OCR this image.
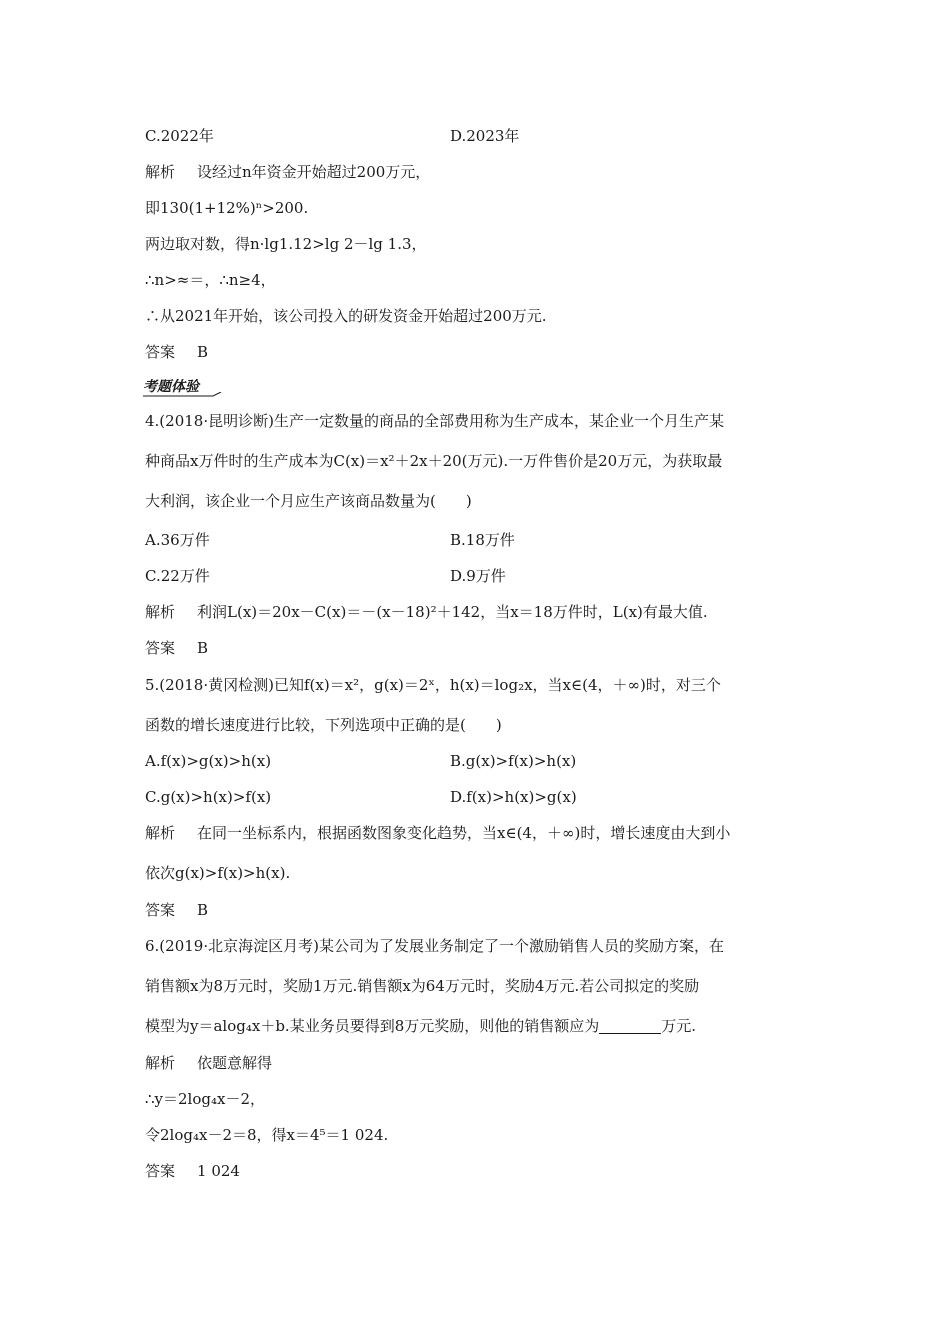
C.2022年	D.2023年
解析 设经过n年资金开始超过200万元，
即130(1+12%)ⁿ>200.
两边取对数，得n·lg1.12>lg 2－lg 1.3，
∴n>≈＝，∴n≥4，
∴从2021年开始，该公司投入的研发资金开始超过200万元.
答案 B
考题体验
4.(2018·昆明诊断)生产一定数量的商品的全部费用称为生产成本，某企业一个月生产某
种商品x万件时的生产成本为C(x)＝x²＋2x＋20(万元).一万件售价是20万元，为获取最
大利润，该企业一个月应生产该商品数量为(　　)
A.36万件	B.18万件
C.22万件	D.9万件
解析 利润L(x)＝20x－C(x)＝－(x－18)²＋142，当x＝18万件时，L(x)有最大值.
答案 B
5.(2018·黄冈检测)已知f(x)＝x²，g(x)＝2ˣ，h(x)＝log₂x，当x∈(4，＋∞)时，对三个
函数的增长速度进行比较，下列选项中正确的是(　　)
A.f(x)>g(x)>h(x)	B.g(x)>f(x)>h(x)
C.g(x)>h(x)>f(x)	D.f(x)>h(x)>g(x)
解析 在同一坐标系内，根据函数图象变化趋势，当x∈(4，＋∞)时，增长速度由大到小
依次g(x)>f(x)>h(x).
答案 B
6.(2019·北京海淀区月考)某公司为了发展业务制定了一个激励销售人员的奖励方案，在
销售额x为8万元时，奖励1万元.销售额x为64万元时，奖励4万元.若公司拟定的奖励
模型为y＝alog₄x＋b.某业务员要得到8万元奖励，则他的销售额应为	万元.
解析 依题意解得
∴y＝2log₄x－2，
令2log₄x－2＝8，得x＝4⁵＝1 024.
答案 1 024
